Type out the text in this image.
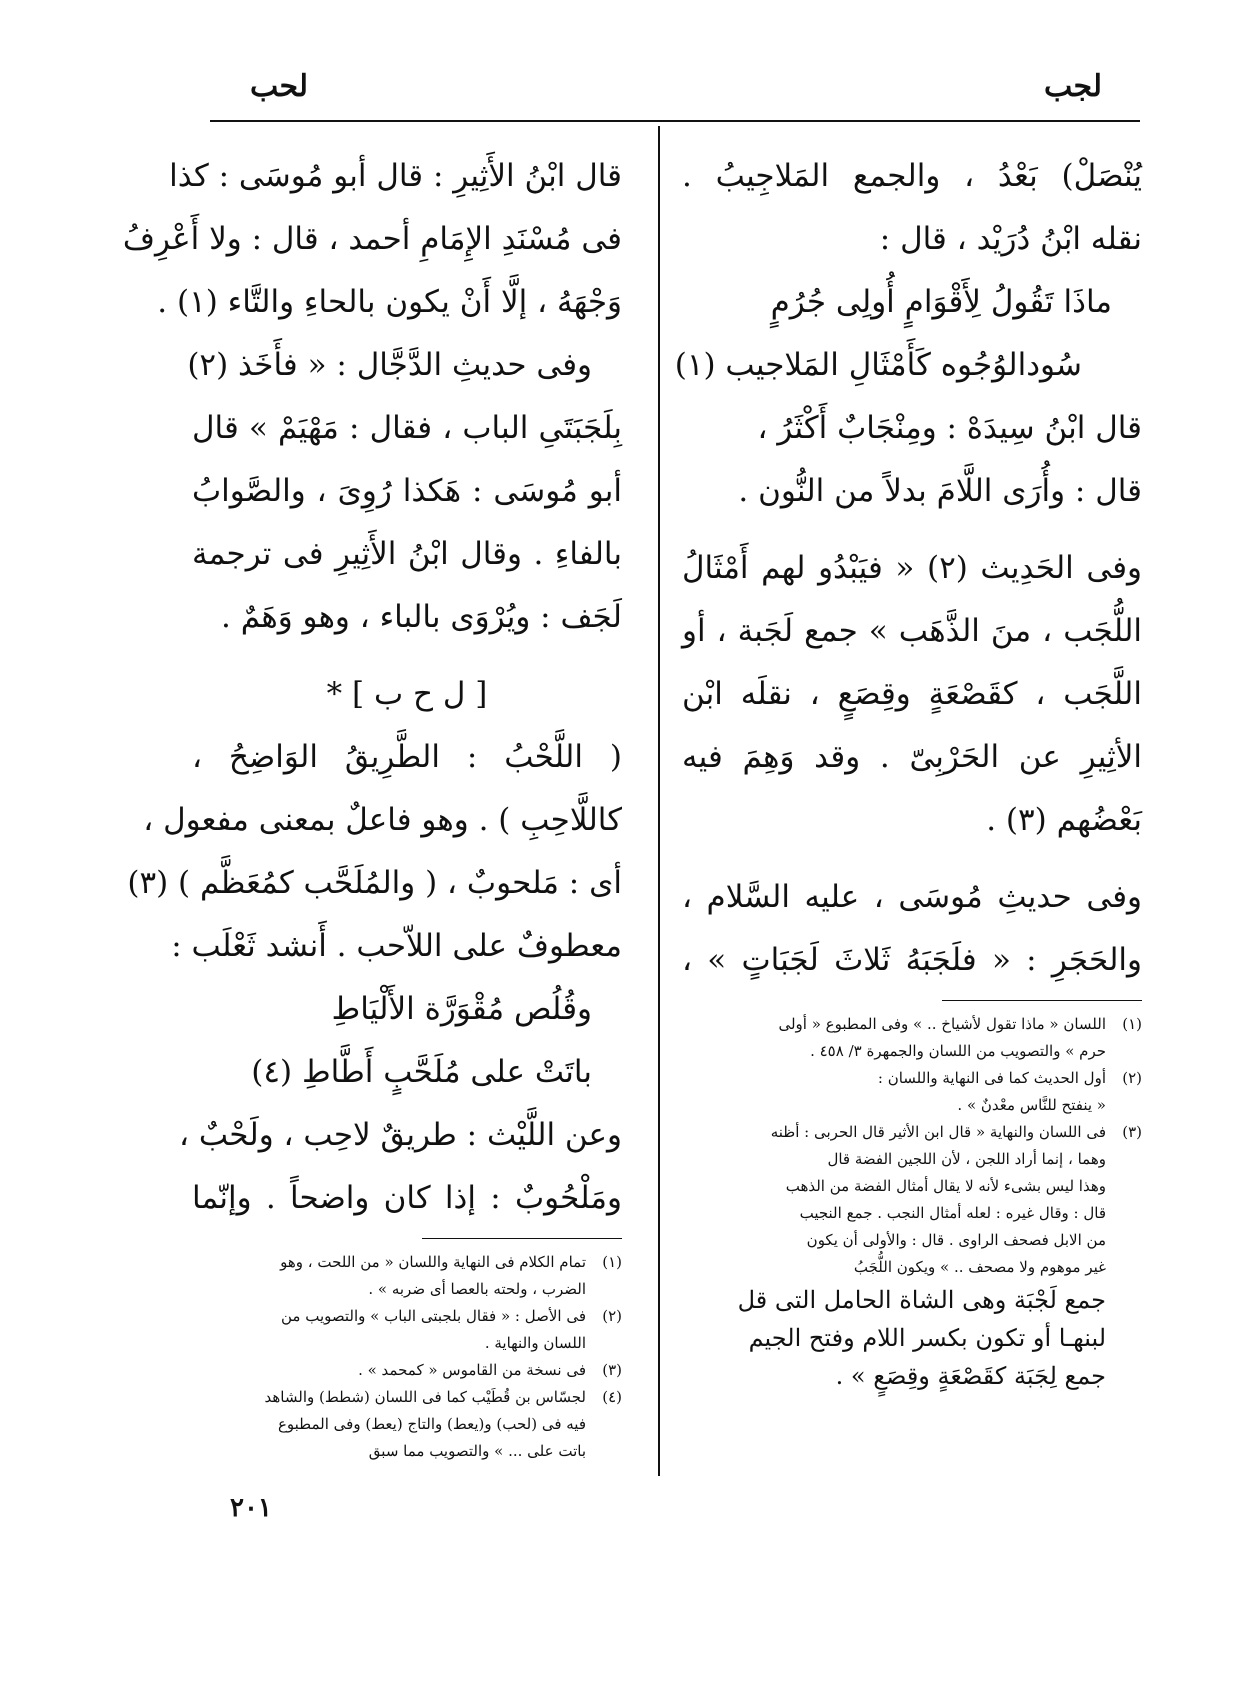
لجب
لحب
يُنْصَلْ) بَعْدُ ، والجمع المَلاجِيبُ .
نقله ابْنُ دُرَيْد ، قال :
ماذَا تَقُولُ لِأَقْوَامٍ أُولِى جُرُمٍ
سُودالوُجُوه كَأَمْثَالِ المَلاجيب (١)
قال ابْنُ سِيدَهْ : ومِنْجَابٌ أَكْثَرُ ،
قال : وأُرَى اللَّامَ بدلاً من النُّون .
وفى الحَدِيث (٢) « فيَبْدُو لهم أَمْثَالُ
اللُّجَب ، منَ الذَّهَب » جمع لَجَبة ، أو
اللَّجَب ، كقَصْعَةٍ وقِصَعٍ ، نقلَه ابْن
الأثِيرِ عن الحَرْبِىّ . وقد وَهِمَ فيه
بَعْضُهم (٣) .
وفى حديثِ مُوسَى ، عليه السَّلام ،
والحَجَرِ : « فلَجَبَهُ ثَلاثَ لَجَبَاتٍ » ،
(١)
اللسان « ماذا تقول لأشياخ .. » وفى المطبوع « أولى
حرم » والتصويب من اللسان والجمهرة ٣/ ٤٥٨ .
(٢)
أول الحديث كما فى النهاية واللسان :
« ينفتح للنَّاس معْدنٌ » .
(٣)
فى اللسان والنهاية « قال ابن الأثير قال الحربى : أظنه
وهما ، إنما أراد اللجن ، لأن اللجين الفضة قال
وهذا ليس بشىء لأنه لا يقال أمثال الفضة من الذهب
قال : وقال غيره : لعله أمثال النجب . جمع النجيب
من الابل فصحف الراوى . قال : والأولى أن يكون
غير موهوم ولا مصحف .. » ويكون اللُّجَبُ
جمع لَجْبَة وهى الشاة الحامل التى قل
لبنهـا أو تكون بكسر اللام وفتح الجيم
جمع لِجَبَة كقَصْعَةٍ وقِصَعٍ » .
قال ابْنُ الأَثِيرِ : قال أبو مُوسَى : كذا
فى مُسْنَدِ الإِمَامِ أحمد ، قال : ولا أَعْرِفُ
وَجْهَهُ ، إلَّا أَنْ يكون بالحاءِ والتَّاء (١) .
وفى حديثِ الدَّجَّال : « فأَخَذ (٢)
بِلَجَبَتَىِ الباب ، فقال : مَهْيَمْ » قال
أبو مُوسَى : هَكذا رُوِىَ ، والصَّوابُ
بالفاءِ . وقال ابْنُ الأَثِيرِ فى ترجمة
لَجَف : ويُرْوَى بالباء ، وهو وَهَمٌ .
[ ل ح ب ] *
( اللَّحْبُ : الطَّرِيقُ الوَاضِحُ ،
كاللَّاحِبِ ) . وهو فاعلٌ بمعنى مفعول ،
أى : مَلحوبٌ ، ( والمُلَحَّب كمُعَظَّم ) (٣)
معطوفٌ على اللاّحب . أَنشد ثَعْلَب :
وقُلُص مُقْوَرَّة الأَلْيَاطِ
باتَتْ على مُلَحَّبٍ أَطَّاطِ (٤)
وعن اللَّيْث : طريقٌ لاحِب ، ولَحْبٌ ،
ومَلْحُوبٌ : إذا كان واضحاً . وإنّما
(١)
تمام الكلام فى النهاية واللسان « من اللحت ، وهو
الضرب ، ولحته بالعصا أى ضربه » .
(٢)
فى الأصل : « فقال بلجبتى الباب » والتصويب من
اللسان والنهاية .
(٣)
فى نسخة من القاموس « كمحمد » .
(٤)
لجسّاس بن قُطَيْب كما فى اللسان (شطط) والشاهد
فيه فى (لحب) و(يعط) والتاج (يعط) وفى المطبوع
باتت على ... » والتصويب مما سبق
٢٠١
